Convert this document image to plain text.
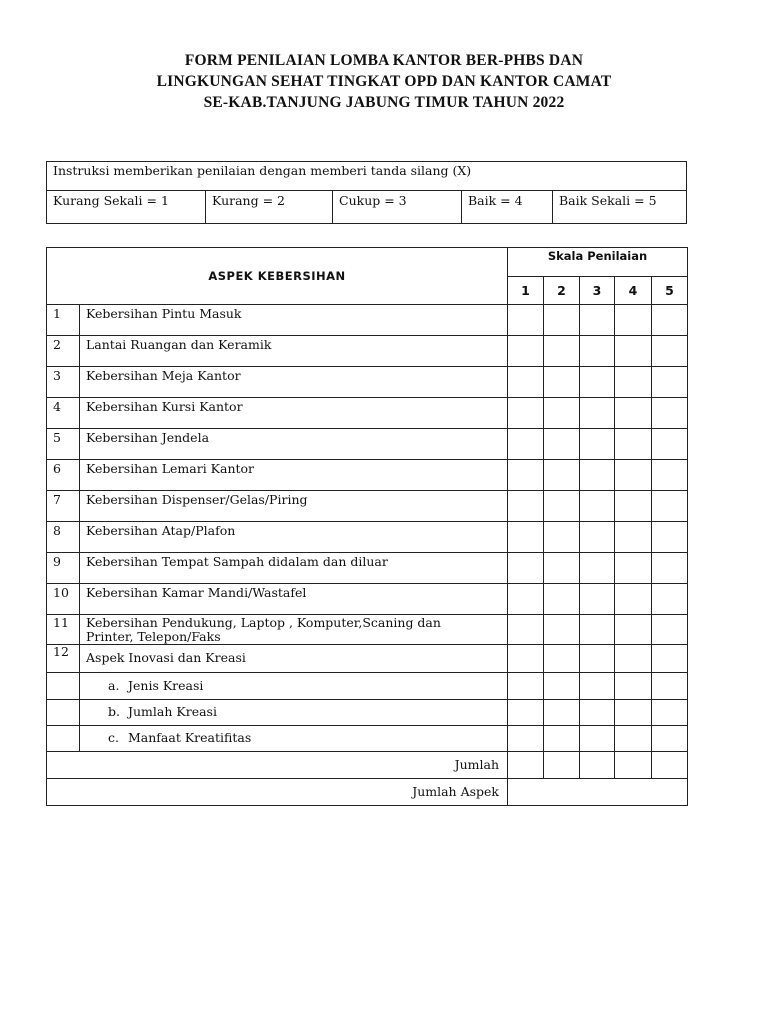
FORM PENILAIAN LOMBA KANTOR BER-PHBS DAN
LINGKUNGAN SEHAT TINGKAT OPD DAN KANTOR CAMAT
SE-KAB.TANJUNG JABUNG TIMUR TAHUN 2022
Instruksi memberikan penilaian dengan memberi tanda silang (X)
Kurang Sekali = 1	Kurang = 2	Cukup = 3	Baik = 4	Baik Sekali = 5
ASPEK KEBERSIHAN		Skala Penilaian				
		1	2	3	4	5
1	Kebersihan Pintu Masuk					
2	Lantai Ruangan dan Keramik					
3	Kebersihan Meja Kantor					
4	Kebersihan Kursi Kantor					
5	Kebersihan Jendela					
6	Kebersihan Lemari Kantor					
7	Kebersihan Dispenser/Gelas/Piring					
8	Kebersihan Atap/Plafon					
9	Kebersihan Tempat Sampah didalam dan diluar					
10	Kebersihan Kamar Mandi/Wastafel					
11	Kebersihan Pendukung, Laptop , Komputer,Scaning dan
Printer, Telepon/Faks					

12	Aspek Inovasi dan Kreasi					
	a. Jenis Kreasi					
	b. Jumlah Kreasi					
	c. Manfaat Kreatifitas					
Jumlah						
Jumlah Aspek						
